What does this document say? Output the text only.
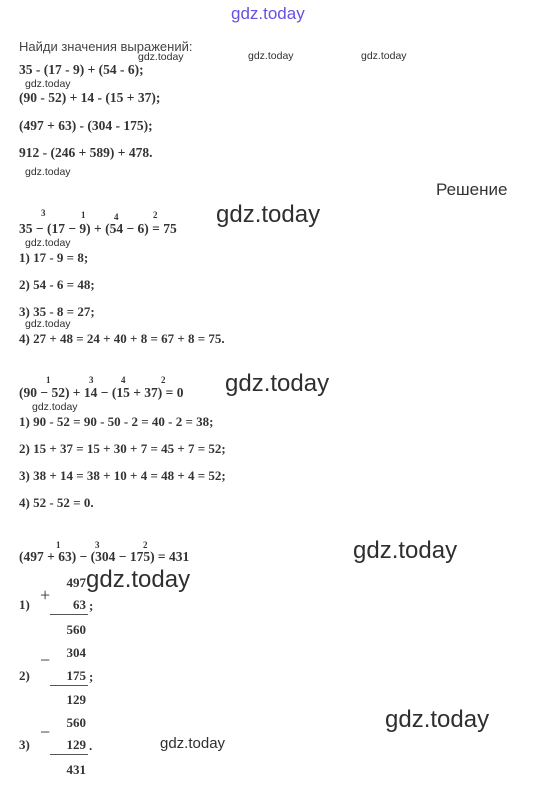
gdz.today
Найди значения выражений:
gdz.today	gdz.today	gdz.today
35 - (17 - 9) + (54 - 6);
gdz.today
(90 - 52) + 14 - (15 + 37);
(497 + 63) - (304 - 175);
912 - (246 + 589) + 478.
gdz.today
Решение
3	1	4	2
35 − (17 − 9) + (54 − 6) = 75
gdz.today
gdz.today
1) 17 - 9 = 8;
2) 54 - 6 = 48;
3) 35 - 8 = 27;
gdz.today
4) 27 + 48 = 24 + 40 + 8 = 67 + 8 = 75.
1	3	4	2
(90 − 52) + 14 − (15 + 37) = 0 gdz.today
gdz.today
1) 90 - 52 = 90 - 50 - 2 = 40 - 2 = 38;
2) 15 + 37 = 15 + 30 + 7 = 45 + 7 = 52;
3) 38 + 14 = 38 + 10 + 4 = 48 + 4 = 52;
4) 52 - 52 = 0.
1	3	2
(497 + 63) − (304 − 175) = 431	gdz.today
497 gdz.today
+
1)	63 ;
560
304
−
2)	175 ;
129
gdz.today
560
−
3)	129 .	gdz.today
431
